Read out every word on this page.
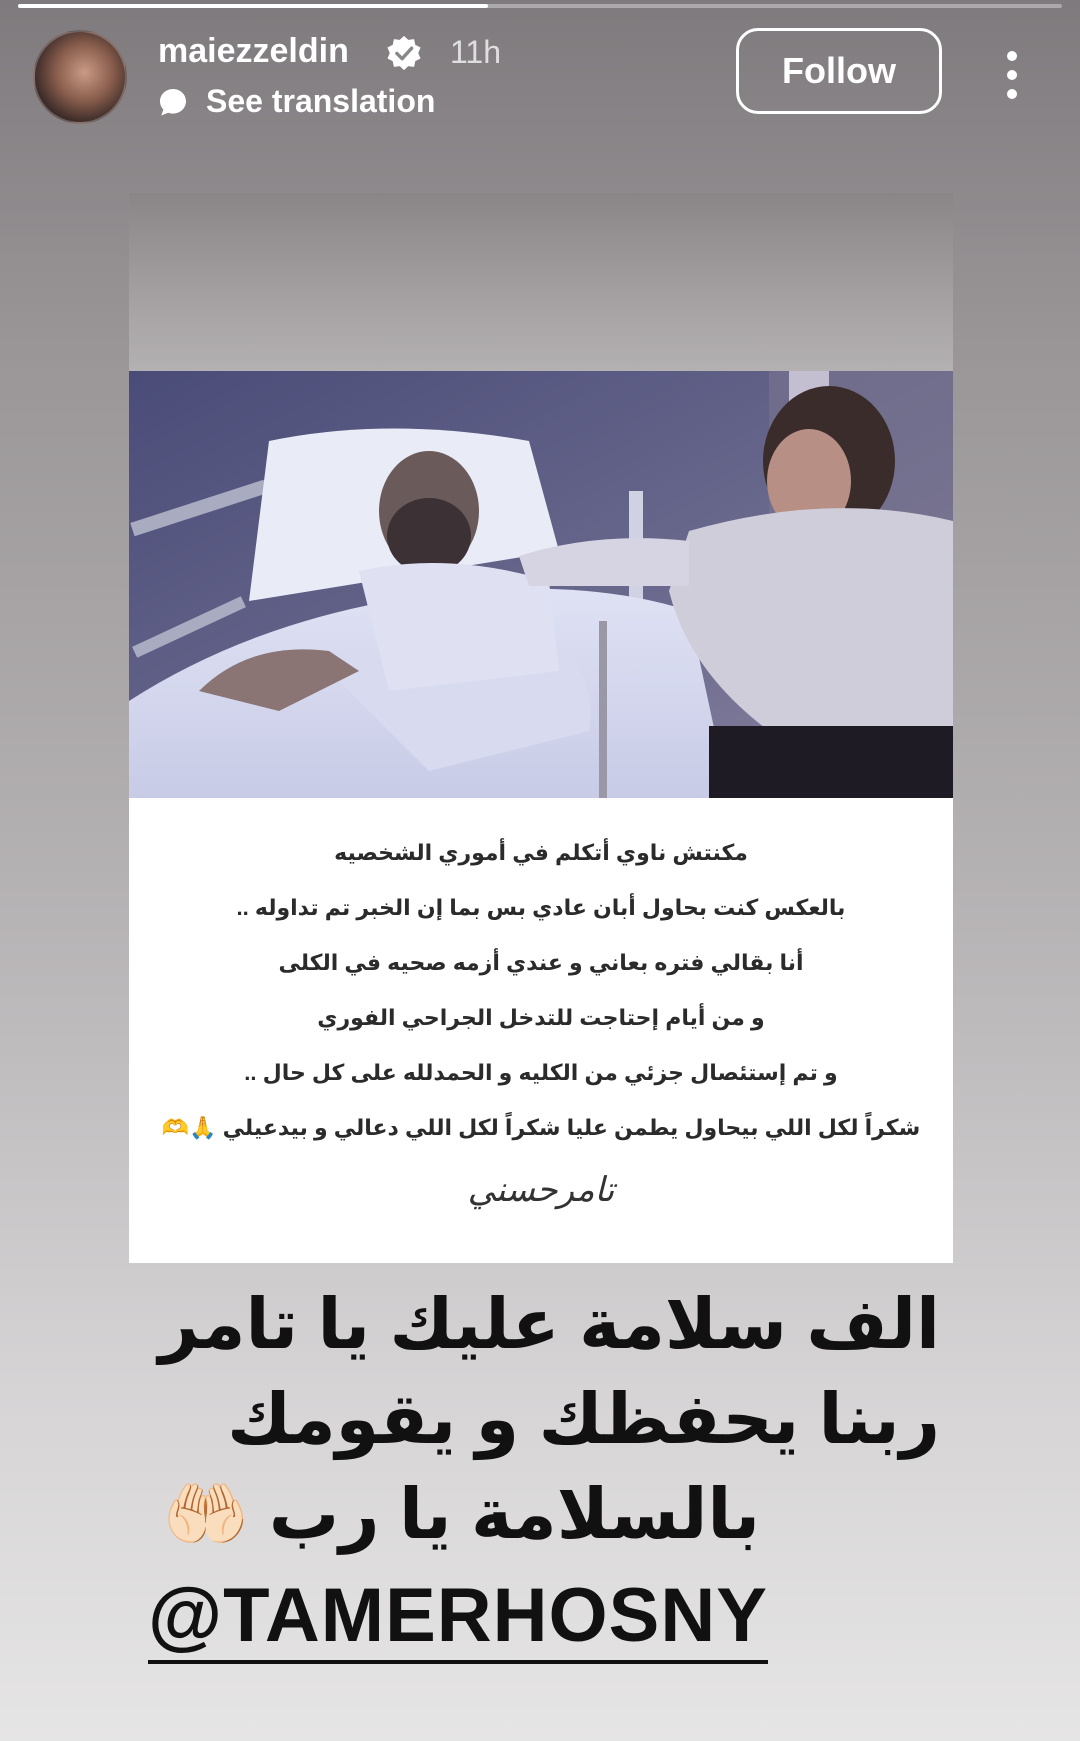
maiezzeldin	11h
See translation
Follow
مكنتش ناوي أتكلم في أموري الشخصيه
بالعكس كنت بحاول أبان عادي بس بما إن الخبر تم تداوله ..
أنا بقالي فتره بعاني و عندي أزمه صحيه في الكلى
و من أيام إحتاجت للتدخل الجراحي الفوري
و تم إستئصال جزئي من الكليه و الحمدلله على كل حال ..
شكراً لكل اللي بيحاول يطمن عليا شكراً لكل اللي دعالي و بيدعيلي 🙏🫶
تامرحسني
الف سلامة عليك يا تامر
ربنا يحفظك و يقومك
بالسلامة يا رب 🤲🏻
@TAMERHOSNY
